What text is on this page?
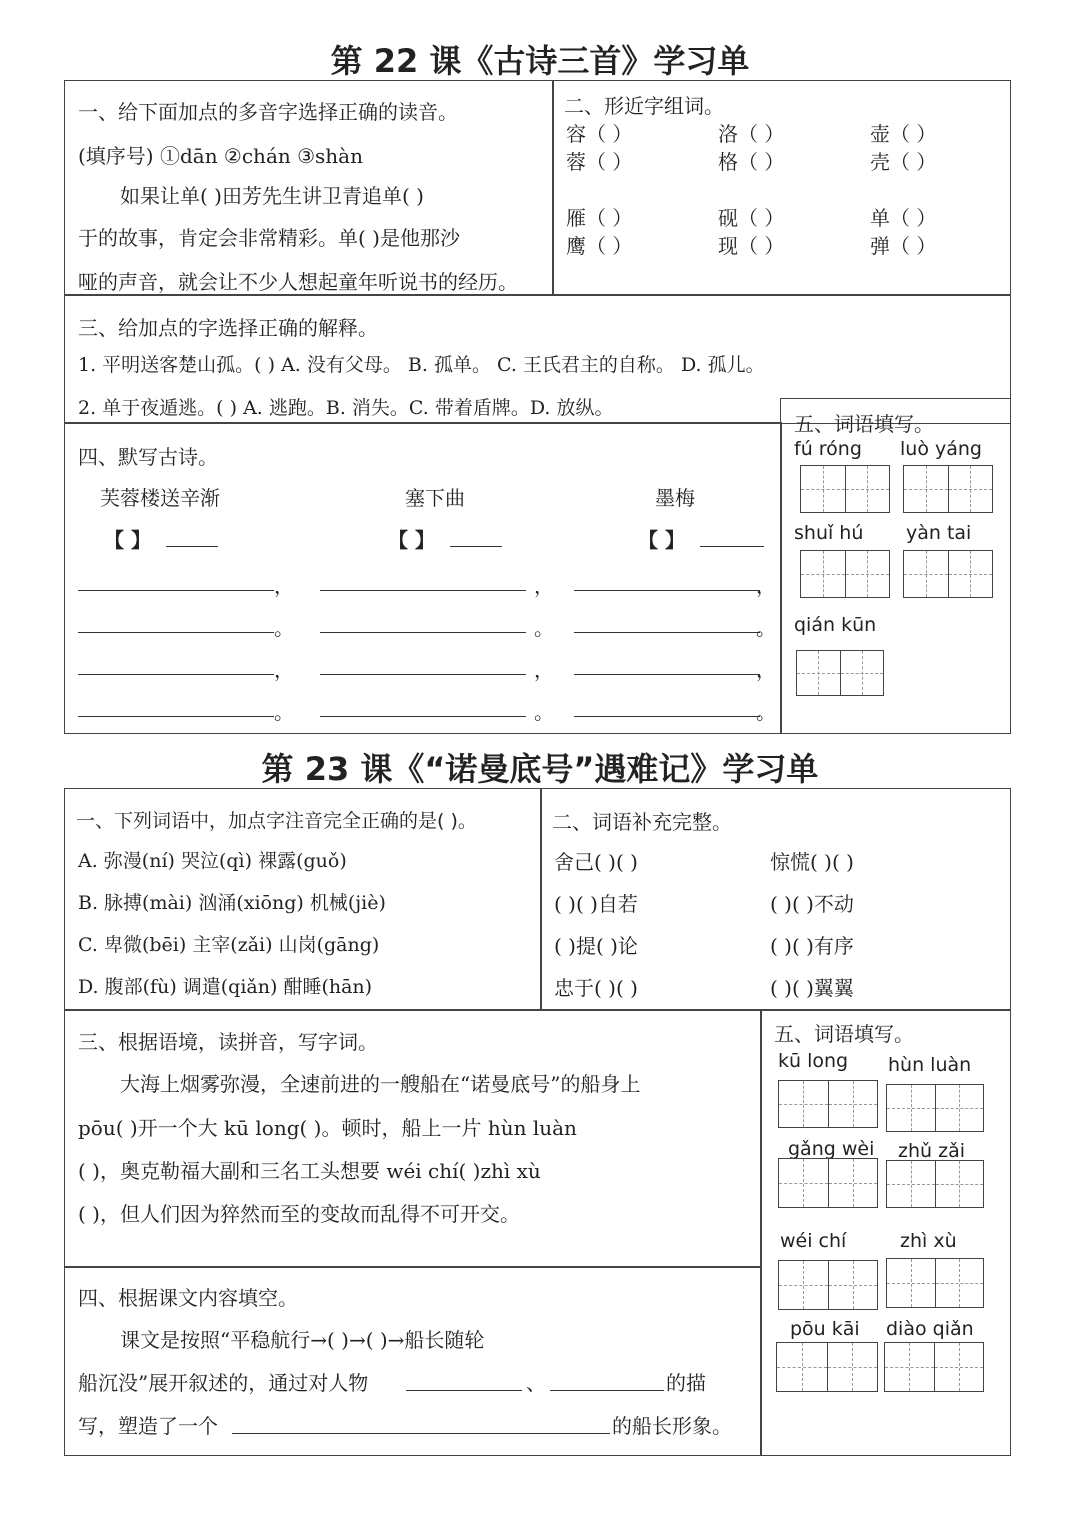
第 22 课《古诗三首》学习单
一、给下面加点的多音字选择正确的读音。
(填序号) ①dān ②chán ③shàn
如果让单( )田芳先生讲卫青追单( )
于的故事，肯定会非常精彩。单( )是他那沙
哑的声音，就会让不少人想起童年听说书的经历。
二、形近字组词。
容（ ）	洛（ ）	壶（ ）
蓉（ ）	格（ ）	壳（ ）
雁（ ）	砚（ ）	单（ ）
鹰（ ）	现（ ）	弹（ ）
三、给加点的字选择正确的解释。
1. 平明送客楚山孤。( ) A. 没有父母。 B. 孤单。 C. 王氏君主的自称。 D. 孤儿。
2. 单于夜遁逃。( ) A. 逃跑。B. 消失。C. 带着盾牌。D. 放纵。
四、默写古诗。
芙蓉楼送辛渐	塞下曲	墨梅
【 】	【 】	【 】
，	，	，
。	。	。
，	，	，
。	。	。
五、词语填写。
fú róng luò yáng
shuǐ hú yàn tai
qián kūn
第 23 课《“诺曼底号”遇难记》学习单
一、下列词语中，加点字注音完全正确的是( )。
A. 弥漫(ní) 哭泣(qì) 裸露(guǒ)
B. 脉搏(mài) 汹涌(xiōng) 机械(jiè)
C. 卑微(bēi) 主宰(zǎi) 山岗(gāng)
D. 腹部(fù) 调遣(qiǎn) 酣睡(hān)
二、词语补充完整。
舍己( )( )	惊慌( )( )
( )( )自若	( )( )不动
( )提( )论	( )( )有序
忠于( )( )	( )( )翼翼
三、根据语境，读拼音，写字词。
大海上烟雾弥漫，全速前进的一艘船在“诺曼底号”的船身上
pōu( )开一个大 kū long( )。顿时，船上一片 hùn luàn
( )，奥克勒福大副和三名工头想要 wéi chí( )zhì xù
( )，但人们因为猝然而至的变故而乱得不可开交。
四、根据课文内容填空。
课文是按照“平稳航行→( )→( )→船长随轮
船沉没”展开叙述的，通过对人物	、	的描
写，塑造了一个	的船长形象。
五、词语填写。
kū long hùn luàn
gǎng wèi zhǔ zǎi
wéi chí	zhì xù
pōu kāi diào qiǎn
